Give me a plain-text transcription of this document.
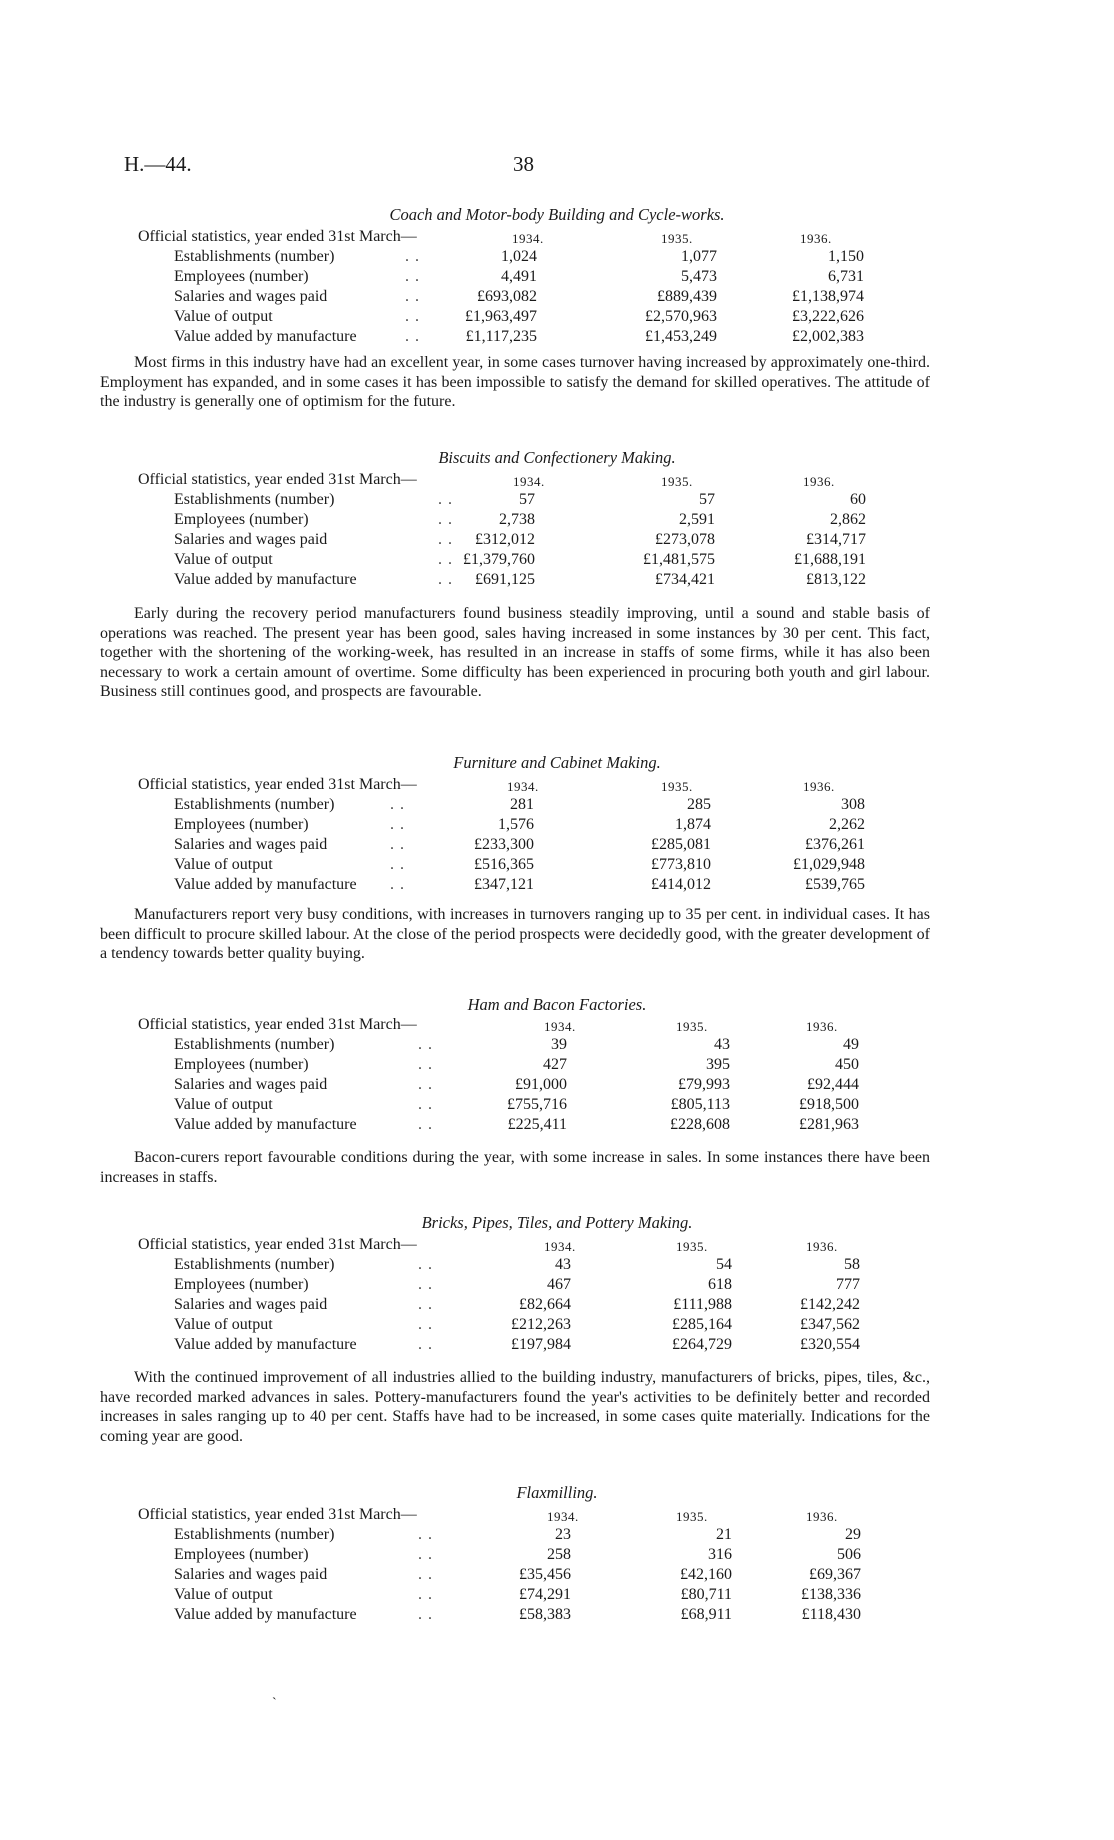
H.—44.	38
Coach and Motor-body Building and Cycle-works.
Official statistics, year ended 31st March—	1934.	1935.	1936.
Establishments (number)	. .	1,024	1,077	1,150
Employees (number)	. .	4,491	5,473	6,731
Salaries and wages paid	. .	£693,082	£889,439	£1,138,974
Value of output	. .	£1,963,497	£2,570,963	£3,222,626
Value added by manufacture	. .	£1,117,235	£1,453,249	£2,002,383

Most firms in this industry have had an excellent year, in some cases turnover having increased by approximately one-third. Employment has expanded, and in some cases it has been impossible to satisfy the demand for skilled operatives. The attitude of the industry is generally one of optimism for the future.

Biscuits and Confectionery Making.
Official statistics, year ended 31st March—	1934.	1935.	1936.
Establishments (number)	. .	57	57	60
Employees (number)	. .	2,738	2,591	2,862
Salaries and wages paid	. .	£312,012	£273,078	£314,717
Value of output	. . £1,379,760	£1,481,575	£1,688,191
Value added by manufacture	. .	£691,125	£734,421	£813,122

Early during the recovery period manufacturers found business steadily improving, until a sound and stable basis of operations was reached. The present year has been good, sales having increased in some instances by 30 per cent. This fact, together with the shortening of the working-week, has resulted in an increase in staffs of some firms, while it has also been necessary to work a certain amount of overtime. Some difficulty has been experienced in procuring both youth and girl labour. Business still continues good, and prospects are favourable.

Furniture and Cabinet Making.
Official statistics, year ended 31st March—	1934.	1935.	1936.
Establishments (number)	. .	281	285	308
Employees (number)	. .	1,576	1,874	2,262
Salaries and wages paid	. .	£233,300	£285,081	£376,261
Value of output	. .	£516,365	£773,810	£1,029,948
Value added by manufacture . .	£347,121	£414,012	£539,765

Manufacturers report very busy conditions, with increases in turnovers ranging up to 35 per cent. in individual cases. It has been difficult to procure skilled labour. At the close of the period prospects were decidedly good, with the greater development of a tendency towards better quality buying.

Ham and Bacon Factories.
Official statistics, year ended 31st March—	1934.	1935.	1936.
Establishments (number)	. .	39	43	49
Employees (number)	. .	427	395	450
Salaries and wages paid	. .	£91,000	£79,993	£92,444
Value of output	. .	£755,716	£805,113	£918,500
Value added by manufacture	. .	£225,411	£228,608	£281,963

Bacon-curers report favourable conditions during the year, with some increase in sales. In some instances there have been increases in staffs.

Bricks, Pipes, Tiles, and Pottery Making.
Official statistics, year ended 31st March—	1934.	1935.	1936.
Establishments (number)	. .	43	54	58
Employees (number)	. .	467	618	777
Salaries and wages paid	. .	£82,664	£111,988	£142,242
Value of output	. .	£212,263	£285,164	£347,562
Value added by manufacture	. .	£197,984	£264,729	£320,554

With the continued improvement of all industries allied to the building industry, manufacturers of bricks, pipes, tiles, &c., have recorded marked advances in sales. Pottery-manufacturers found the year's activities to be definitely better and recorded increases in sales ranging up to 40 per cent. Staffs have had to be increased, in some cases quite materially. Indications for the coming year are good.

Flaxmilling.
Official statistics, year ended 31st March—	1934.	1935.	1936.
Establishments (number)	. .	23	21	29
Employees (number)	. .	258	316	506
Salaries and wages paid	. .	£35,456	£42,160	£69,367
Value of output	. .	£74,291	£80,711	£138,336
Value added by manufacture	. .	£58,383	£68,911	£118,430
˴
